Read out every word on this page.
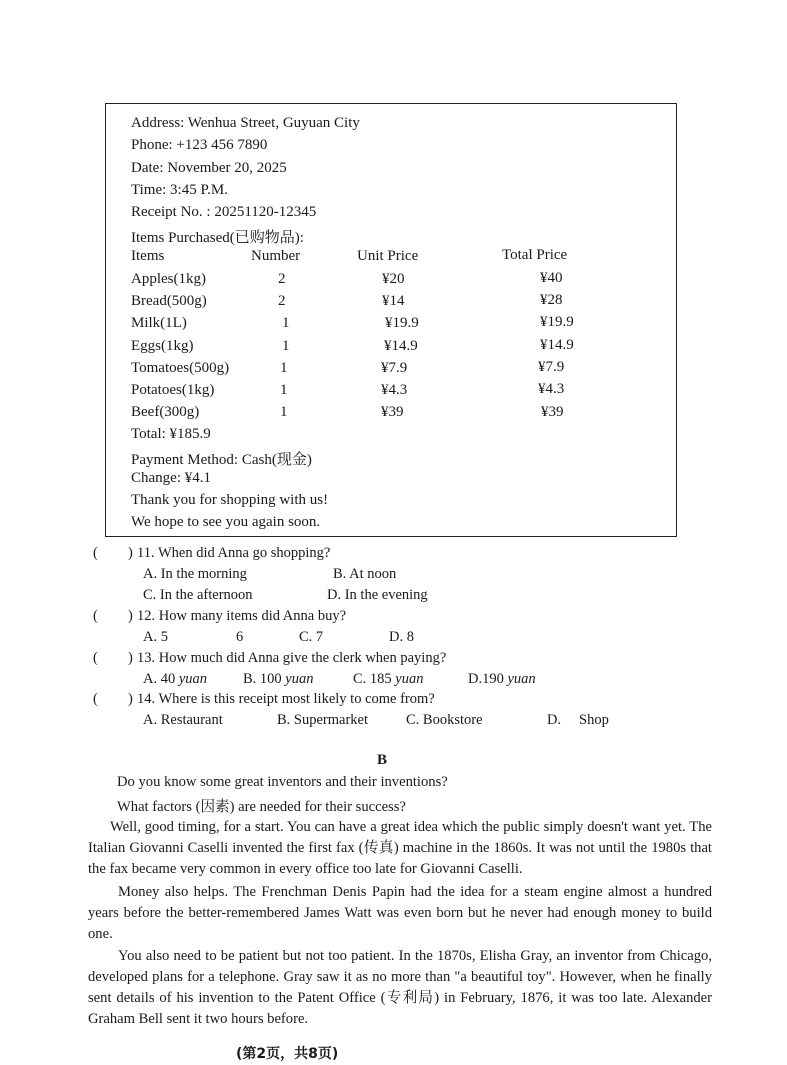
Address: Wenhua Street, Guyuan City
Phone: +123 456 7890
Date: November 20, 2025
Time: 3:45 P.M.
Receipt No. : 20251120-12345
Items Purchased(已购物品):
Items	Number	Unit Price	Total Price
Apples(1kg)	2	¥20	¥40
Bread(500g)	2	¥14	¥28
Milk(1L)	1	¥19.9	¥19.9
Eggs(1kg)	1	¥14.9	¥14.9
Tomatoes(500g)	1	¥7.9	¥7.9
Potatoes(1kg)	1	¥4.3	¥4.3
Beef(300g)	1	¥39	¥39
Total: ¥185.9
Payment Method: Cash(现金)
Change: ¥4.1
Thank you for shopping with us!
We hope to see you again soon.
( ) 11. When did Anna go shopping?
A. In the morning	B. At noon
C. In the afternoon	D. In the evening
( ) 12. How many items did Anna buy?
A. 5	6	C. 7	D. 8
( ) 13. How much did Anna give the clerk when paying?
A. 40 yuan B. 100 yuan	C. 185 yuan	D.190 yuan
( ) 14. Where is this receipt most likely to come from?
A. Restaurant	B. Supermarket	C. Bookstore	D. Shop
B
Do you know some great inventors and their inventions?
What factors (因素) are needed for their success?

Well, good timing, for a start. You can have a great idea which the public simply doesn't want yet. The Italian Giovanni Caselli invented the first fax (传真) machine in the 1860s. It was not until the 1980s that the fax became very common in every office too late for Giovanni Caselli.

Money also helps. The Frenchman Denis Papin had the idea for a steam engine almost a hundred years before the better-remembered James Watt was even born but he never had enough money to build one.

You also need to be patient but not too patient. In the 1870s, Elisha Gray, an inventor from Chicago, developed plans for a telephone. Gray saw it as no more than "a beautiful toy". However, when he finally sent details of his invention to the Patent Office (专利局) in February, 1876, it was too late. Alexander Graham Bell sent it two hours before.

(第2页，共8页)
